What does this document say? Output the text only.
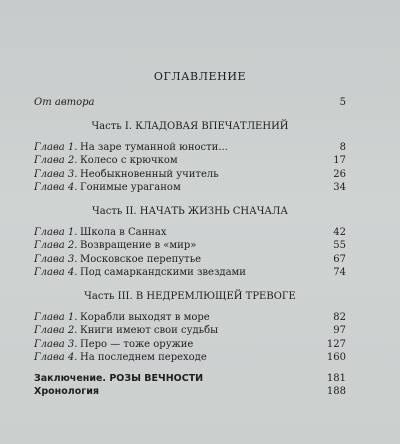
ОГЛАВЛЕНИЕ
От автора	5
Часть I. КЛАДОВАЯ ВПЕЧАТЛЕНИЙ
Глава 1. На заре туманной юности...	8
Глава 2. Колесо с крючком	17
Глава 3. Необыкновенный учитель	26
Глава 4. Гонимые ураганом	34
Часть II. НАЧАТЬ ЖИЗНЬ СНАЧАЛА
Глава 1. Школа в Саннах	42
Глава 2. Возвращение в «мир»	55
Глава 3. Московское перепутье	67
Глава 4. Под самаркандскими звездами	74
Часть III. В НЕДРЕМЛЮЩЕЙ ТРЕВОГЕ
Глава 1. Корабли выходят в море	82
Глава 2. Книги имеют свои судьбы	97
Глава 3. Перо — тоже оружие	127
Глава 4. На последнем переходе	160
Заключение. РОЗЫ ВЕЧНОСТИ	181
Хронология	188
